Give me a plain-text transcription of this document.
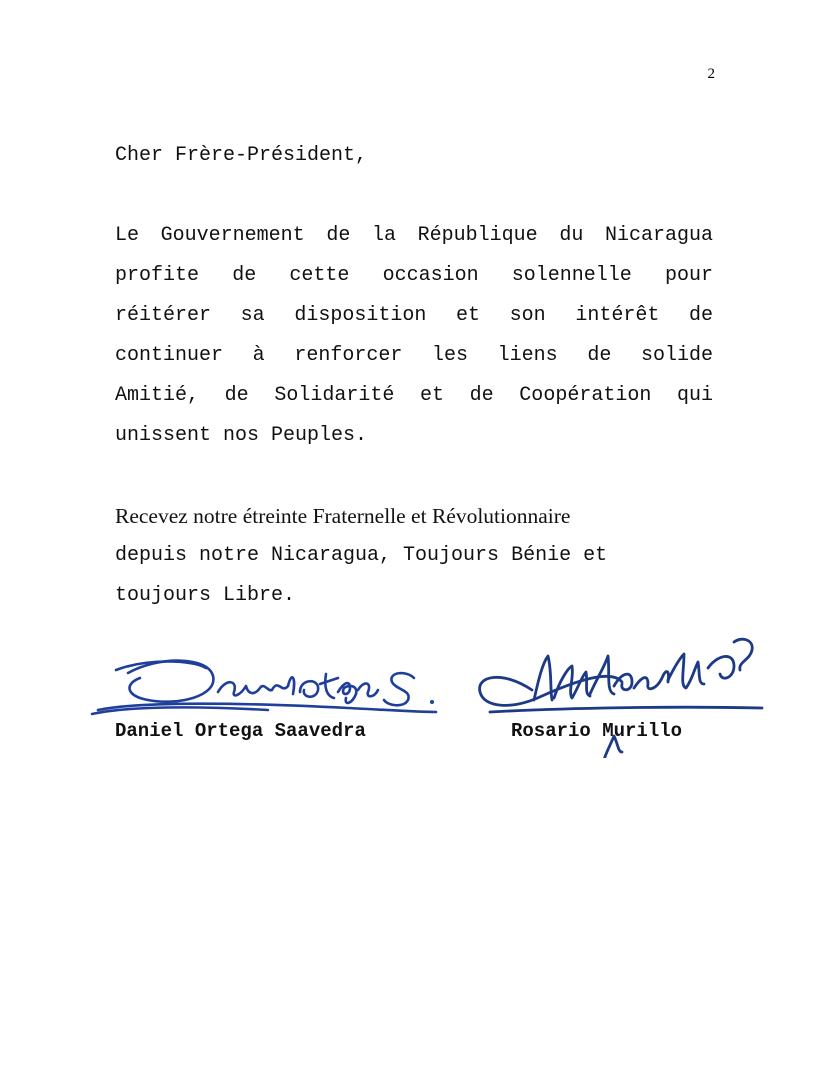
2
Cher Frère-Président,
Le Gouvernement de la République du Nicaragua
profite de cette occasion solennelle pour
réitérer sa disposition et son intérêt de
continuer à renforcer les liens de solide
Amitié, de Solidarité et de Coopération qui
unissent nos Peuples.
Recevez notre étreinte Fraternelle et Révolutionnaire
depuis notre Nicaragua, Toujours Bénie et
toujours Libre.
Daniel Ortega Saavedra	Rosario Murillo
